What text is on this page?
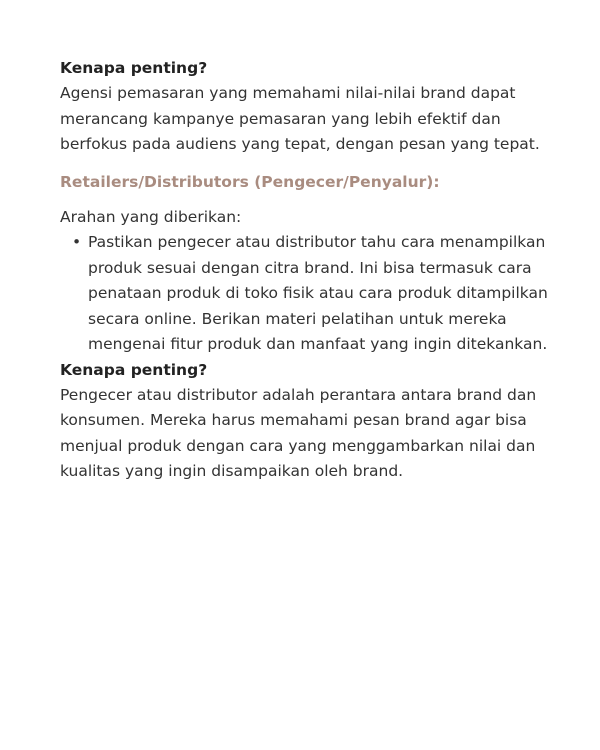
Kenapa penting?

Agensi pemasaran yang memahami nilai-nilai brand dapat merancang kampanye pemasaran yang lebih efektif dan berfokus pada audiens yang tepat, dengan pesan yang tepat.

Retailers/Distributors (Pengecer/Penyalur):

Arahan yang diberikan:

• Pastikan pengecer atau distributor tahu cara menampilkan produk sesuai dengan citra brand. Ini bisa termasuk cara penataan produk di toko fisik atau cara produk ditampilkan secara online. Berikan materi pelatihan untuk mereka mengenai fitur produk dan manfaat yang ingin ditekankan.

Kenapa penting?

Pengecer atau distributor adalah perantara antara brand dan konsumen. Mereka harus memahami pesan brand agar bisa menjual produk dengan cara yang menggambarkan nilai dan kualitas yang ingin disampaikan oleh brand.
